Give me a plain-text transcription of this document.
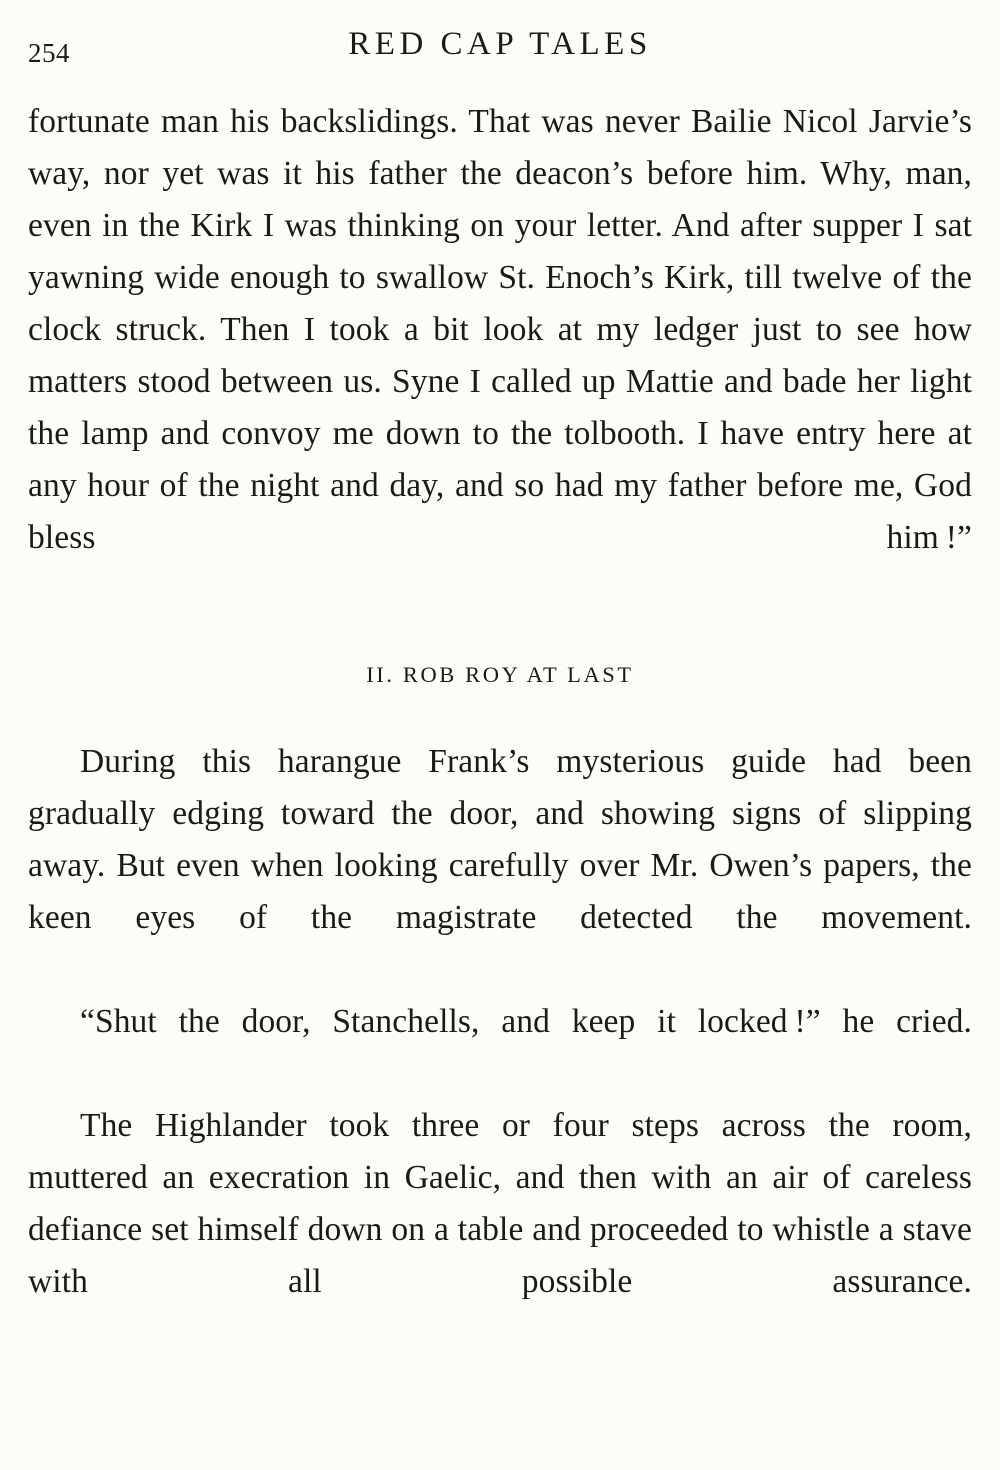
254	RED CAP TALES

fortunate man his backslidings. That was never Bailie Nicol Jarvie’s way, nor yet was it his father the deacon’s before him. Why, man, even in the Kirk I was thinking on your letter. And after supper I sat yawning wide enough to swallow St. Enoch’s Kirk, till twelve of the clock struck. Then I took a bit look at my ledger just to see how matters stood between us. Syne I called up Mattie and bade her light the lamp and convoy me down to the tolbooth. I have entry here at any hour of the night and day, and so had my father before me, God bless him !”

II. ROB ROY AT LAST

During this harangue Frank’s mysterious guide had been gradually edging toward the door, and showing signs of slipping away. But even when looking carefully over Mr. Owen’s papers, the keen eyes of the magistrate detected the movement.

“Shut the door, Stanchells, and keep it locked !” he cried.

The Highlander took three or four steps across the room, muttered an execration in Gaelic, and then with an air of careless defiance set himself down on a table and proceeded to whistle a stave with all possible assurance.
